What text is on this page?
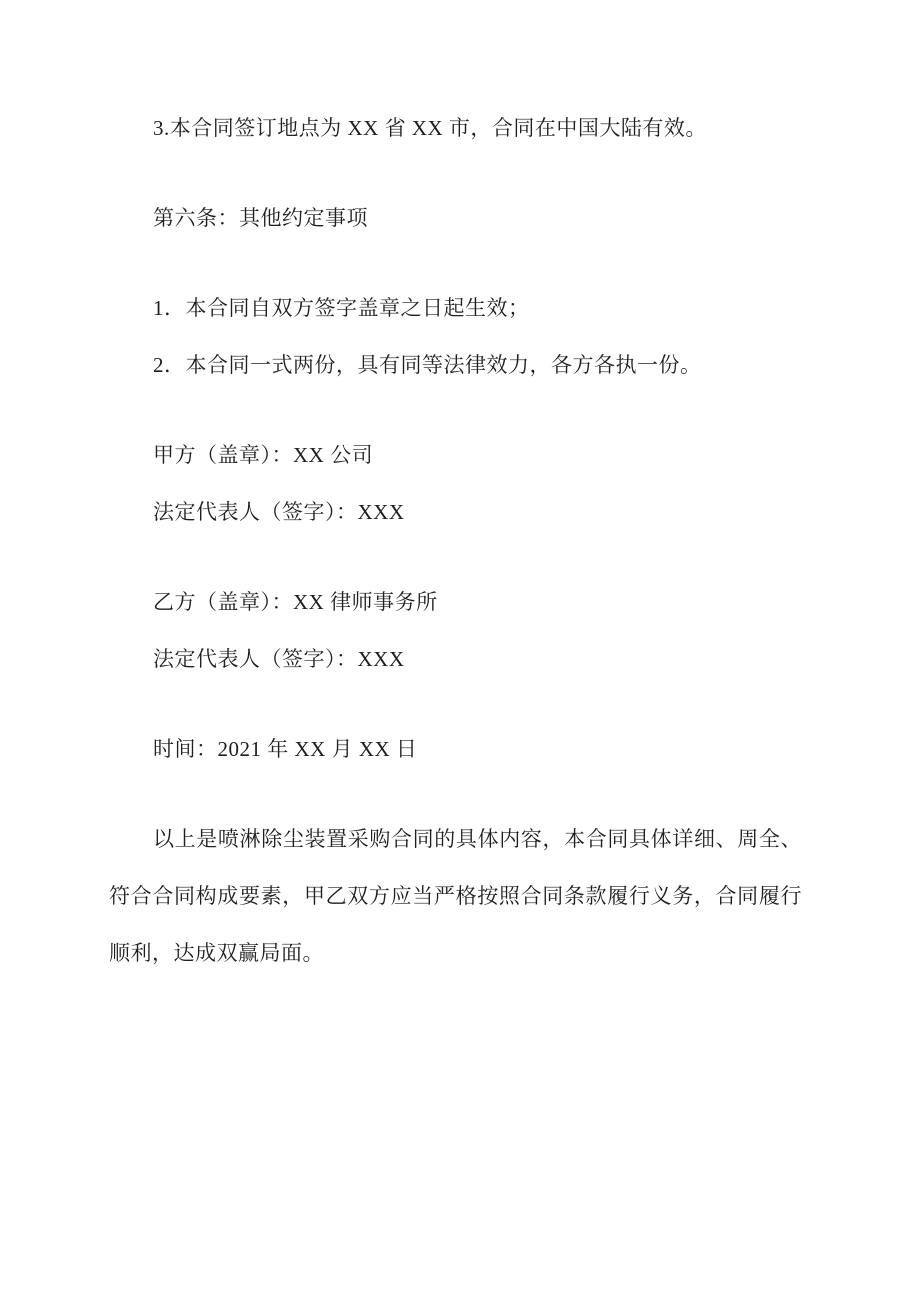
3.本合同签订地点为 XX 省 XX 市，合同在中国大陆有效。

第六条：其他约定事项

1．本合同自双方签字盖章之日起生效；

2．本合同一式两份，具有同等法律效力，各方各执一份。

甲方（盖章）：XX 公司

法定代表人（签字）：XXX

乙方（盖章）：XX 律师事务所

法定代表人（签字）：XXX

时间：2021 年 XX 月 XX 日

以上是喷淋除尘装置采购合同的具体内容，本合同具体详细、周全、符合合同构成要素，甲乙双方应当严格按照合同条款履行义务，合同履行顺利，达成双赢局面。
